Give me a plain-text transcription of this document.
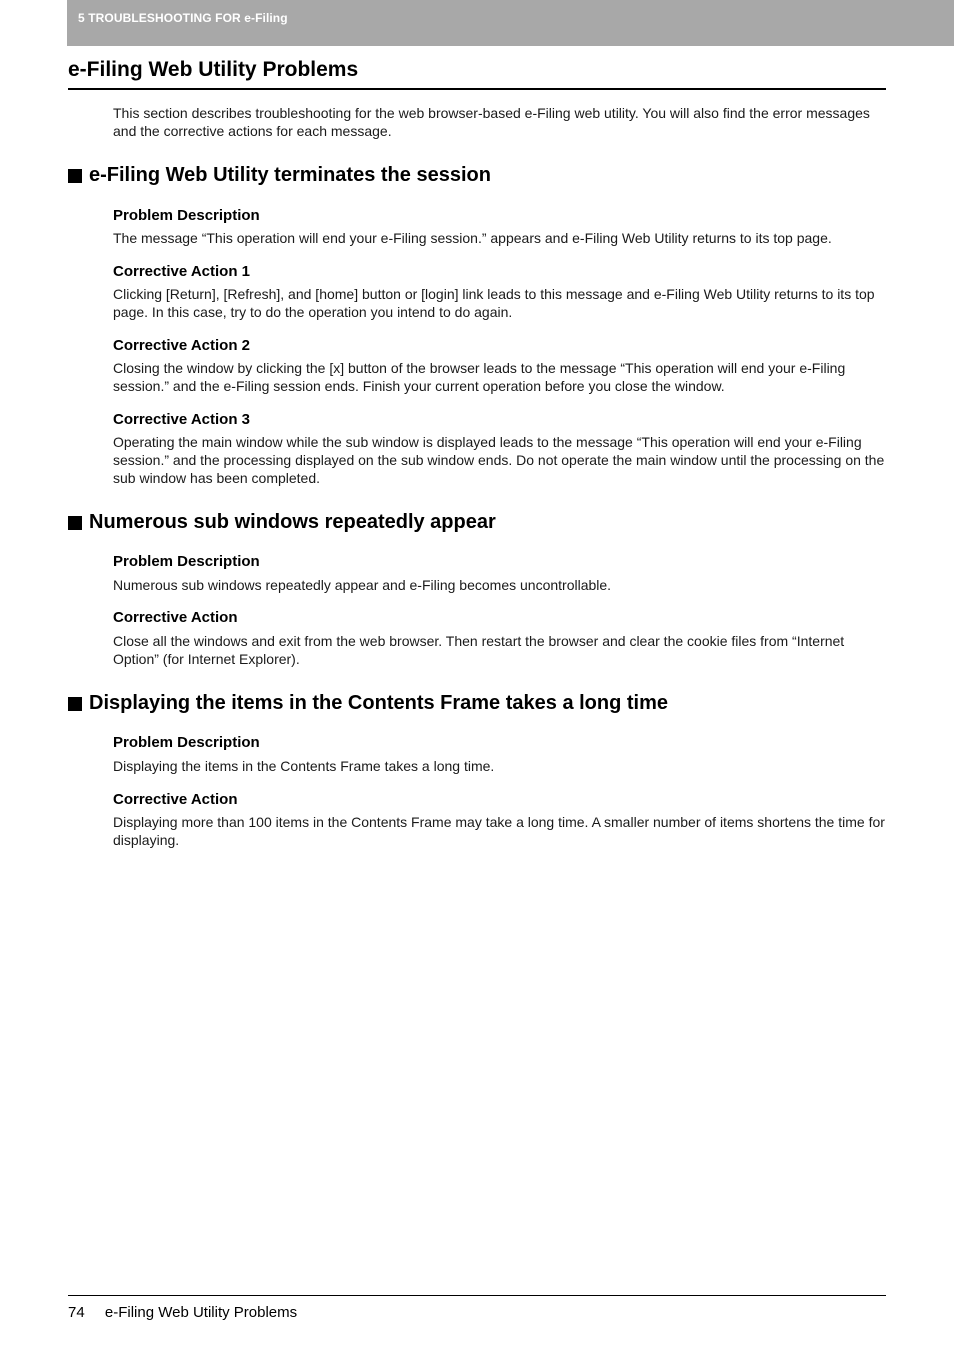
5 TROUBLESHOOTING FOR e-Filing
e-Filing Web Utility Problems

This section describes troubleshooting for the web browser-based e-Filing web utility. You will also find the error messages and the corrective actions for each message.

e-Filing Web Utility terminates the session
Problem Description

The message “This operation will end your e-Filing session.” appears and e-Filing Web Utility returns to its top page.

Corrective Action 1

Clicking [Return], [Refresh], and [home] button or [login] link leads to this message and e-Filing Web Utility returns to its top page. In this case, try to do the operation you intend to do again.

Corrective Action 2

Closing the window by clicking the [x] button of the browser leads to the message “This operation will end your e-Filing session.” and the e-Filing session ends. Finish your current operation before you close the window.

Corrective Action 3

Operating the main window while the sub window is displayed leads to the message “This operation will end your e-Filing session.” and the processing displayed on the sub window ends. Do not operate the main window until the processing on the sub window has been completed.

Numerous sub windows repeatedly appear
Problem Description

Numerous sub windows repeatedly appear and e-Filing becomes uncontrollable.

Corrective Action

Close all the windows and exit from the web browser. Then restart the browser and clear the cookie files from “Internet Option” (for Internet Explorer).

Displaying the items in the Contents Frame takes a long time
Problem Description

Displaying the items in the Contents Frame takes a long time.

Corrective Action

Displaying more than 100 items in the Contents Frame may take a long time. A smaller number of items shortens the time for displaying.

74 e-Filing Web Utility Problems
